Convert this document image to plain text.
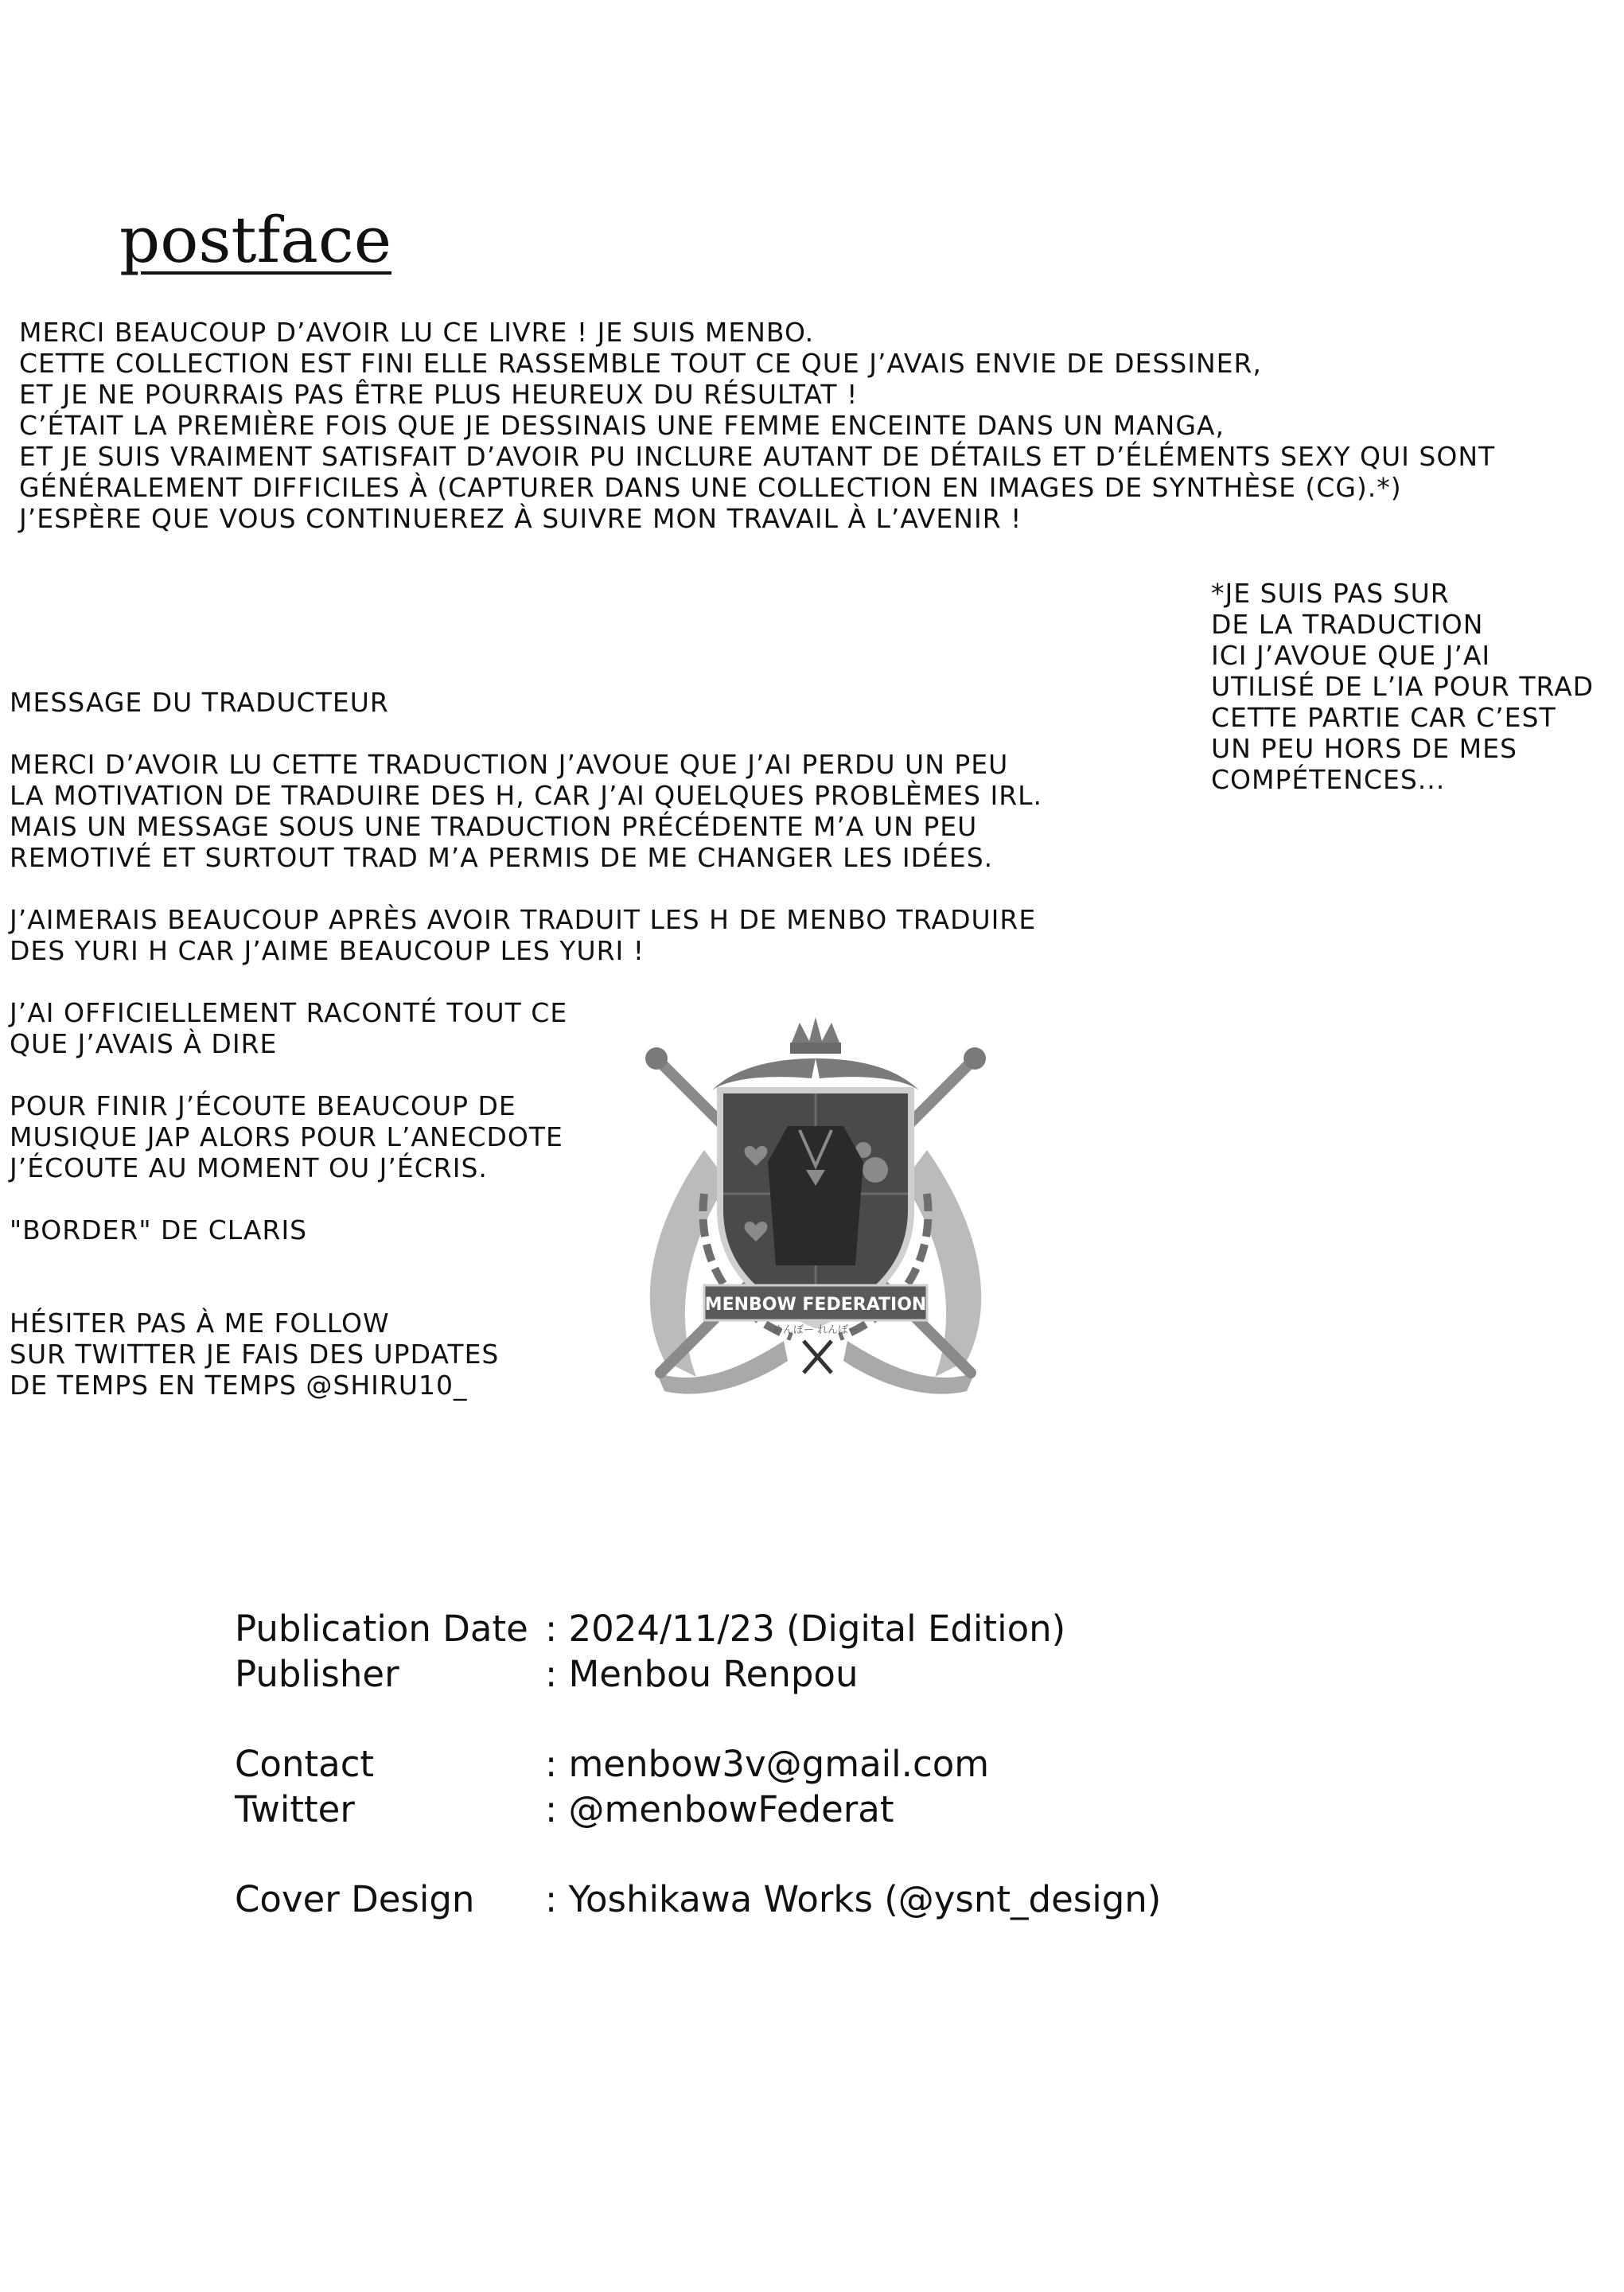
postface

MERCI BEAUCOUP D’AVOIR LU CE LIVRE ! JE SUIS MENBO.

CETTE COLLECTION EST FINI ELLE RASSEMBLE TOUT CE QUE J’AVAIS ENVIE DE DESSINER,

ET JE NE POURRAIS PAS ÊTRE PLUS HEUREUX DU RÉSULTAT !

C’ÉTAIT LA PREMIÈRE FOIS QUE JE DESSINAIS UNE FEMME ENCEINTE DANS UN MANGA,

ET JE SUIS VRAIMENT SATISFAIT D’AVOIR PU INCLURE AUTANT DE DÉTAILS ET D’ÉLÉMENTS SEXY QUI SONT

GÉNÉRALEMENT DIFFICILES À (CAPTURER DANS UNE COLLECTION EN IMAGES DE SYNTHÈSE (CG).*)

J’ESPÈRE QUE VOUS CONTINUEREZ À SUIVRE MON TRAVAIL À L’AVENIR !

*JE SUIS PAS SUR

DE LA TRADUCTION

ICI J’AVOUE QUE J’AI

UTILISÉ DE L’IA POUR TRAD

CETTE PARTIE CAR C’EST

UN PEU HORS DE MES

COMPÉTENCES...

MESSAGE DU TRADUCTEUR

MERCI D’AVOIR LU CETTE TRADUCTION J’AVOUE QUE J’AI PERDU UN PEU

LA MOTIVATION DE TRADUIRE DES H, CAR J’AI QUELQUES PROBLÈMES IRL.

MAIS UN MESSAGE SOUS UNE TRADUCTION PRÉCÉDENTE M’A UN PEU

REMOTIVÉ ET SURTOUT TRAD M’A PERMIS DE ME CHANGER LES IDÉES.

J’AIMERAIS BEAUCOUP APRÈS AVOIR TRADUIT LES H DE MENBO TRADUIRE

DES YURI H CAR J’AIME BEAUCOUP LES YURI !

J’AI OFFICIELLEMENT RACONTÉ TOUT CE

QUE J’AVAIS À DIRE

POUR FINIR J’ÉCOUTE BEAUCOUP DE

MUSIQUE JAP ALORS POUR L’ANECDOTE

J’ÉCOUTE AU MOMENT OU J’ÉCRIS.

"BORDER" DE CLARIS

HÉSITER PAS À ME FOLLOW

SUR TWITTER JE FAIS DES UPDATES

DE TEMPS EN TEMPS @SHIRU10_

MENBOW FEDERATION
めんぼー れんぼー
Publication Date	: 2024/11/23 (Digital Edition)
Publisher	: Menbou Renpou

Contact	: menbow3v@gmail.com
Twitter	: @menbowFederat

Cover Design	: Yoshikawa Works (@ysnt_design)
